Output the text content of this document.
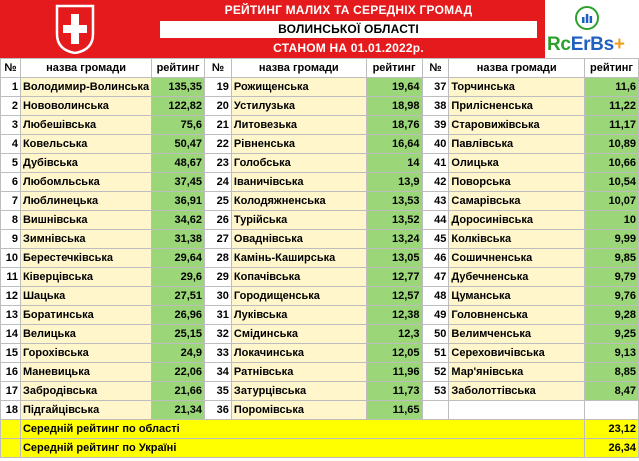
РЕЙТИНГ МАЛИХ ТА СЕРЕДНІХ ГРОМАД
ВОЛИНСЬКОЇ ОБЛАСТІ
СТАНОМ НА 01.01.2022р.	RcErBs+
№	назва громади	рейтинг	№	назва громади	рейтинг	№	назва громади	рейтинг
1	Володимир-Волинська	135,35	19	Рожищенська	19,64	37	Торчинська	11,6
2	Нововолинська	122,82	20	Устилузька	18,98	38	Прилісненська	11,22
3	Любешівська	75,6	21	Литовезька	18,76	39	Старовижівська	11,17
4	Ковельська	50,47	22	Рівненська	16,64	40	Павлівська	10,89
5	Дубівська	48,67	23	Голобська	14	41	Олицька	10,66
6	Любомльська	37,45	24	Іваничівська	13,9	42	Поворська	10,54
7	Люблинецька	36,91	25	Колодяжненська	13,53	43	Самарівська	10,07
8	Вишнівська	34,62	26	Турійська	13,52	44	Доросинівська	10
9	Зимнівська	31,38	27	Оваднівська	13,24	45	Колківська	9,99
10	Берестечківська	29,64	28	Камінь-Каширська	13,05	46	Сошичненська	9,85
11	Ківерцівська	29,6	29	Копачівська	12,77	47	Дубечненська	9,79
12	Шацька	27,51	30	Городищенська	12,57	48	Цуманська	9,76
13	Боратинська	26,96	31	Луківська	12,38	49	Головненська	9,28
14	Велицька	25,15	32	Смідинська	12,3	50	Велимченська	9,25
15	Горохівська	24,9	33	Локачинська	12,05	51	Сереховичівська	9,13
16	Маневицька	22,06	34	Ратнівська	11,96	52	Мар'янівська	8,85
17	Забродівська	21,66	35	Затурцівська	11,73	53	Заболоттівська	8,47
18	Підгайцівська	21,34	36	Поромівська	11,65			
	Середній рейтинг по області							23,12
	Середній рейтинг по Україні							26,34
